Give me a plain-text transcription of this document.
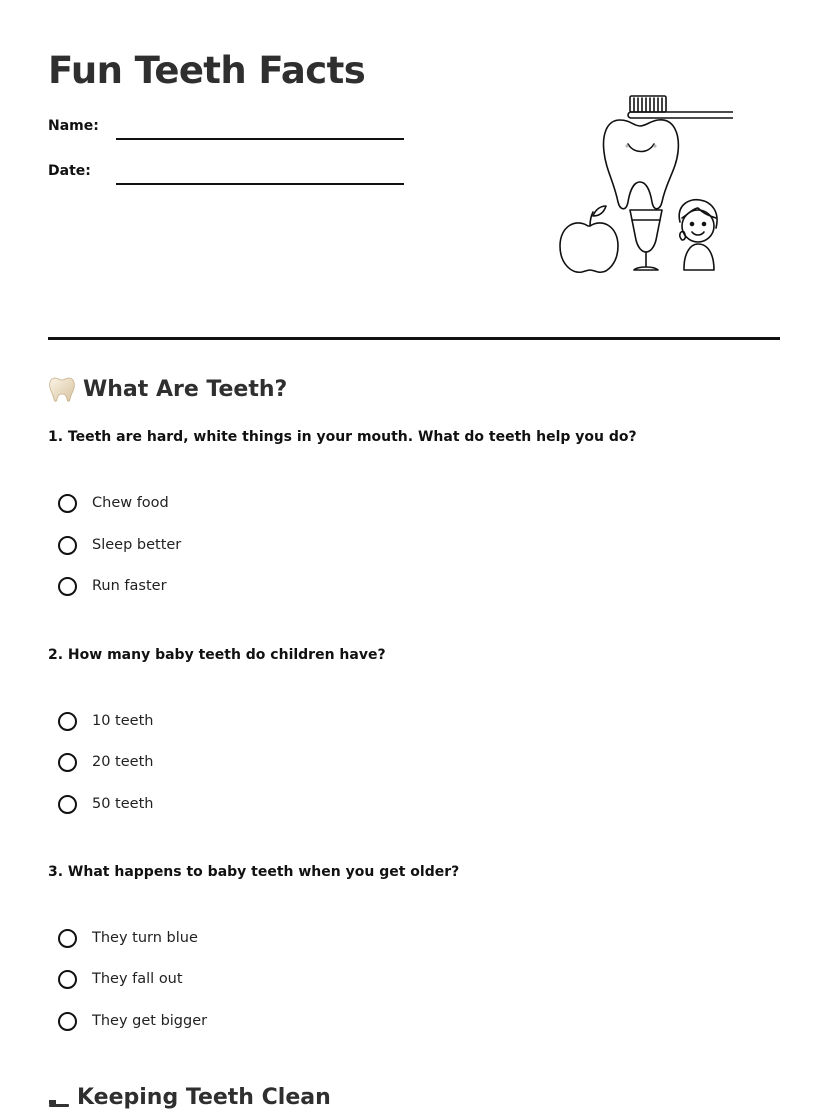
Fun Teeth Facts
Name:
Date:
What Are Teeth?
1. Teeth are hard, white things in your mouth. What do teeth help you do?
Chew food
Sleep better
Run faster
2. How many baby teeth do children have?
10 teeth
20 teeth
50 teeth
3. What happens to baby teeth when you get older?
They turn blue
They fall out
They get bigger
Keeping Teeth Clean
